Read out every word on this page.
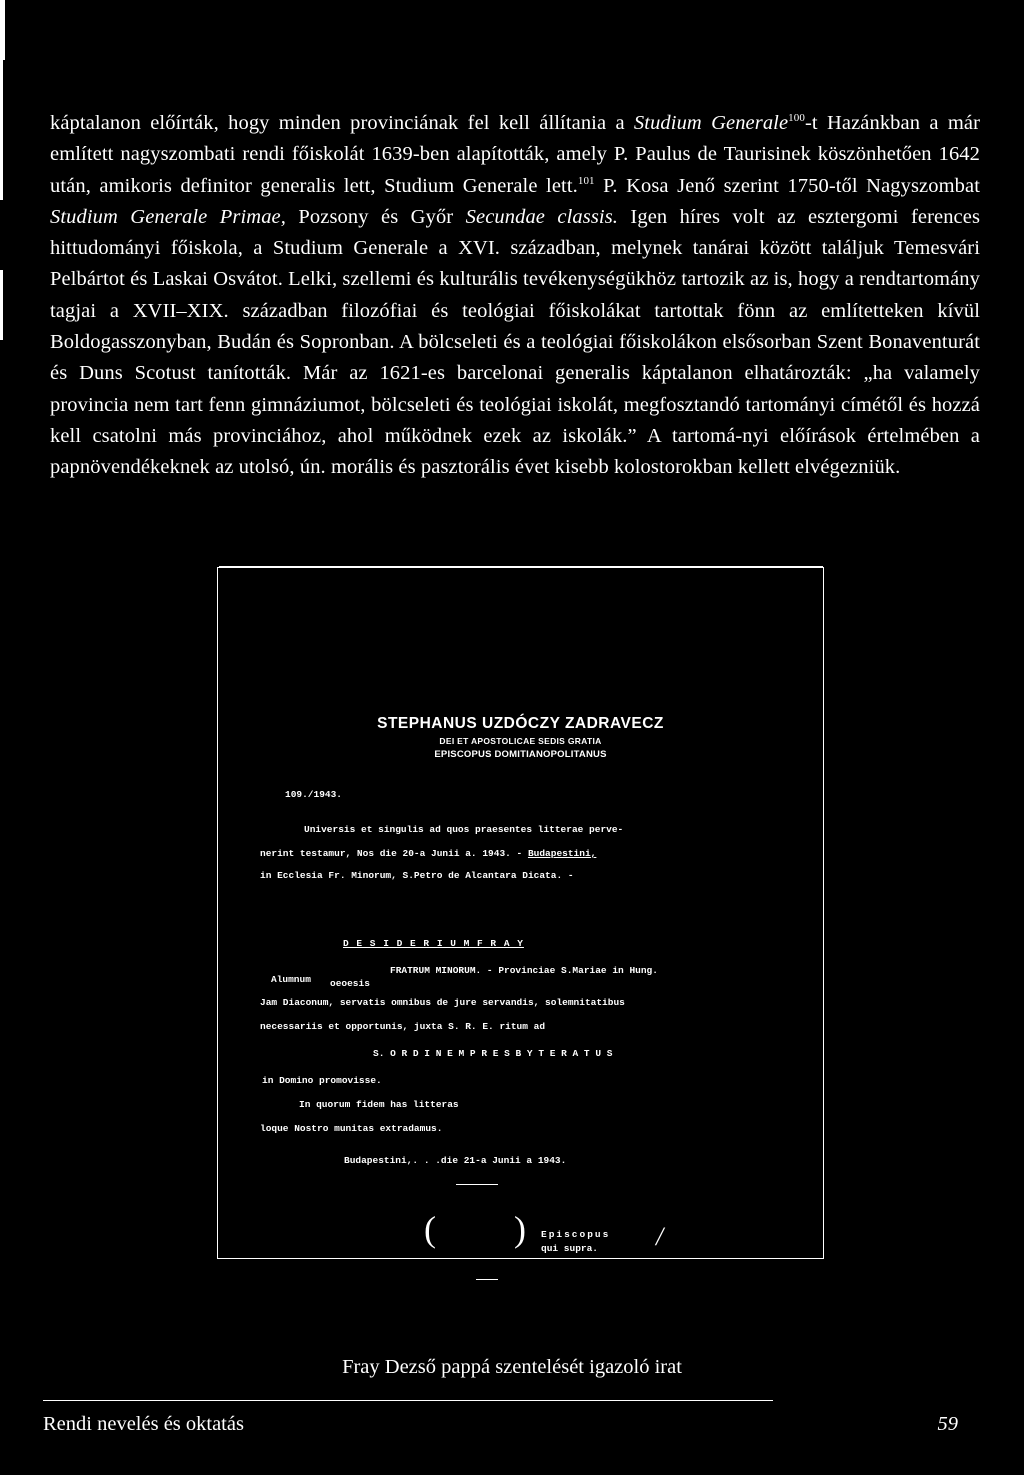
káptalanon előírták, hogy minden provinciának fel kell állítania a Studium Generale$^{100}$-t Hazánkban a már említett nagyszombati rendi főiskolát 1639-ben alapították, amely P. Paulus de Taurisinek köszönhetően 1642 után, amikoris definitor generalis lett, Studium Generale lett.$^{101}$ P. Kosa Jenő szerint 1750-től Nagyszombat Studium Generale Primae, Pozsony és Győr Secundae classis. Igen híres volt az esztergomi ferences hittudományi főiskola, a Studium Generale a XVI. században, melynek tanárai között találjuk Temesvári Pelbártot és Laskai Osvátot. Lelki, szellemi és kulturális tevékenységükhöz tartozik az is, hogy a rendtartomány tagjai a XVII–XIX. században filozófiai és teológiai főiskolákat tartottak fönn az említetteken kívül Boldogasszonyban, Budán és Sopronban. A bölcseleti és a teológiai főiskolákon elsősorban Szent Bonaventurát és Duns Scotust tanították. Már az 1621-es barcelonai generalis káptalanon elhatározták: „ha valamely provincia nem tart fenn gimnáziumot, bölcseleti és teológiai iskolát, megfosztandó tartományi címétől és hozzá kell csatolni más provinciához, ahol működnek ezek az iskolák.” A tartomá-nyi előírások értelmében a papnövendékeknek az utolsó, ún. morális és pasztorális évet kisebb kolostorokban kellett elvégezniük.

STEPHANUS UZDÓCZY ZADRAVECZ
DEI ET APOSTOLICAE SEDIS GRATIA
EPISCOPUS DOMITIANOPOLITANUS
109./1943.
Universis et singulis ad quos praesentes litterae perve-
nerint testamur, Nos die 20-a Junii a. 1943. - Budapestini,
in Ecclesia Fr. Minorum, S.Petro de Alcantara Dicata. -
D E S I D E R I U M F R A Y
Alumnum
FRATRUM MINORUM. - Provinciae S.Mariae in Hung.
oeoesis
Jam Diaconum, servatis omnibus de jure servandis, solemnitatibus
necessariis et opportunis, juxta S. R. E. ritum ad
S. O R D I N E M P R E S B Y T E R A T U S
in Domino promovisse.
In quorum fidem has litteras
loque Nostro munitas extradamus.
Budapestini,. . .die 21-a Junii a 1943.
( ) Episcopus
qui supra. /
Fray Dezső pappá szentelését igazoló irat
Rendi nevelés és oktatás	59
